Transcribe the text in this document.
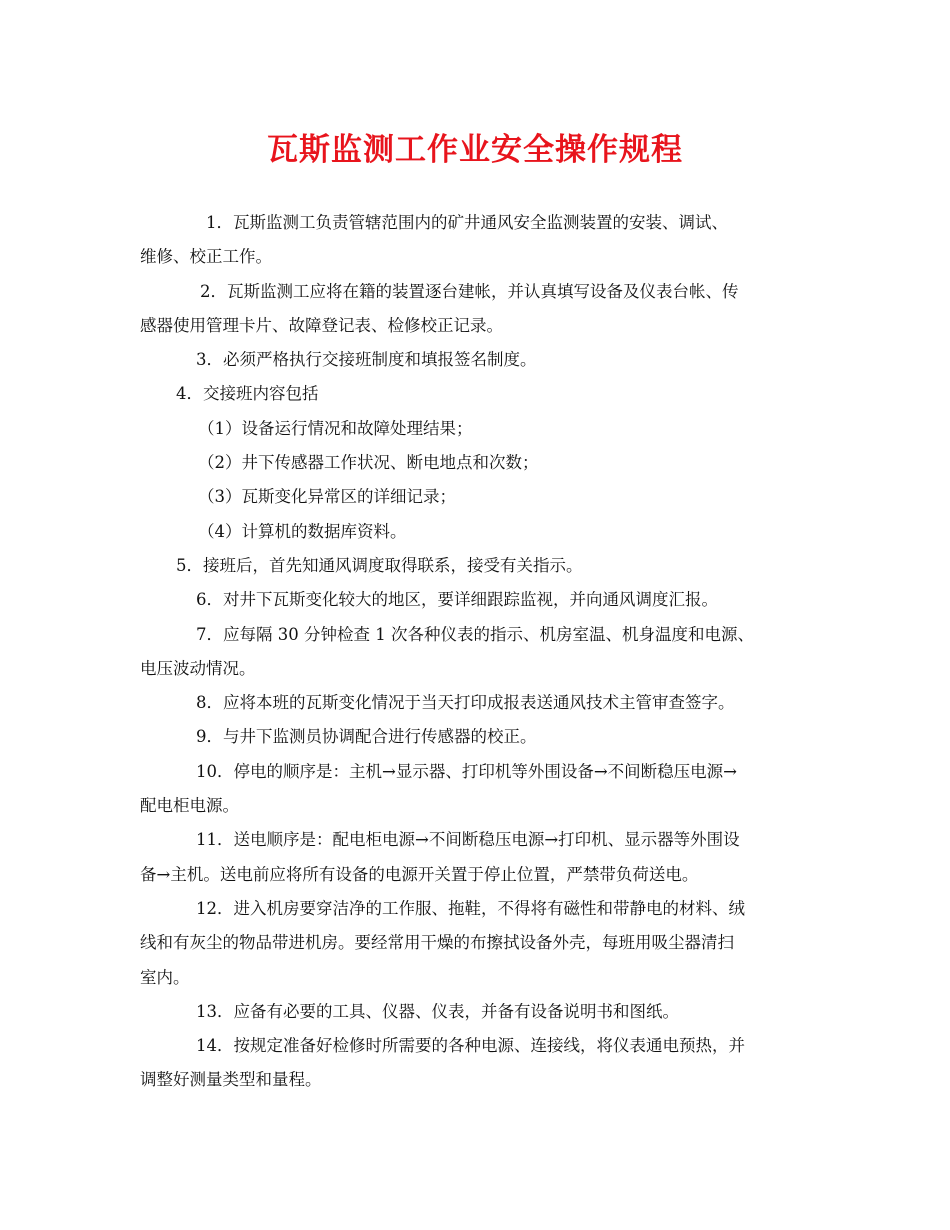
瓦斯监测工作业安全操作规程

1．瓦斯监测工负责管辖范围内的矿井通风安全监测装置的安装、调试、

维修、校正工作。

2．瓦斯监测工应将在籍的装置逐台建帐，并认真填写设备及仪表台帐、传

感器使用管理卡片、故障登记表、检修校正记录。

3．必须严格执行交接班制度和填报签名制度。

4．交接班内容包括

（1）设备运行情况和故障处理结果；

（2）井下传感器工作状况、断电地点和次数；

（3）瓦斯变化异常区的详细记录；

（4）计算机的数据库资料。

5．接班后，首先知通风调度取得联系，接受有关指示。

6．对井下瓦斯变化较大的地区，要详细跟踪监视，并向通风调度汇报。

7．应每隔 30 分钟检查 1 次各种仪表的指示、机房室温、机身温度和电源、

电压波动情况。

8．应将本班的瓦斯变化情况于当天打印成报表送通风技术主管审查签字。

9．与井下监测员协调配合进行传感器的校正。

10．停电的顺序是：主机→显示器、打印机等外围设备→不间断稳压电源→

配电柜电源。

11．送电顺序是：配电柜电源→不间断稳压电源→打印机、显示器等外围设

备→主机。送电前应将所有设备的电源开关置于停止位置，严禁带负荷送电。

12．进入机房要穿洁净的工作服、拖鞋，不得将有磁性和带静电的材料、绒

线和有灰尘的物品带进机房。要经常用干燥的布擦拭设备外壳，每班用吸尘器清扫

室内。

13．应备有必要的工具、仪器、仪表，并备有设备说明书和图纸。

14．按规定准备好检修时所需要的各种电源、连接线，将仪表通电预热，并

调整好测量类型和量程。
